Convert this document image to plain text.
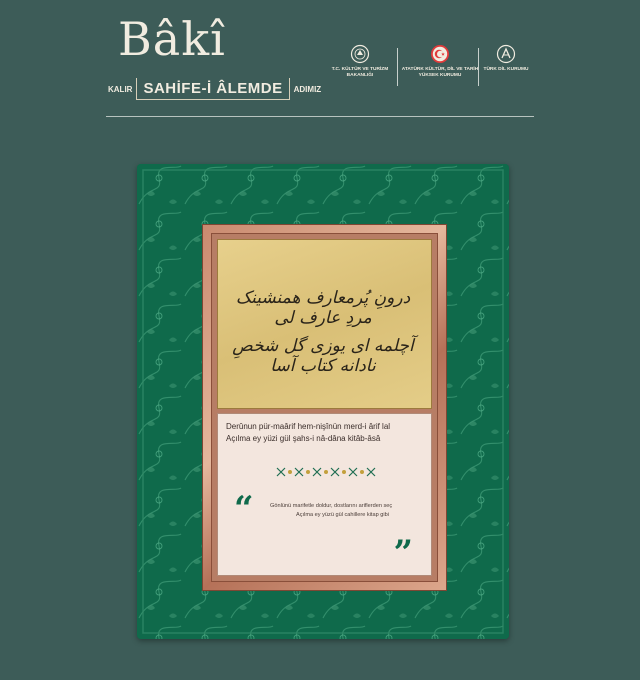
Bâkî
KALIR SAHİFE-İ ÂLEMDE	ADIMIZ
T.C. KÜLTÜR VE TURİZM
BAKANLIĞI
ATATÜRK KÜLTÜR, DİL VE TARİH
YÜKSEK KURUMU
TÜRK DİL KURUMU
درونِ پُرمعارف همنشینک مردِ عارف لی
آچلمه ای یوزی گل شخصِ نادانه کتاب آسا
Derûnun pür-maârif hem-nişînün merd-i ârif lal
Açılma ey yüzi gül şahs-i nâ-dâna kitâb-âsâ
“	Gönlünü marifetle doldur, dostlarını ariflerden seç
Açılma ey yüzü gül cahillere kitap gibi
”
